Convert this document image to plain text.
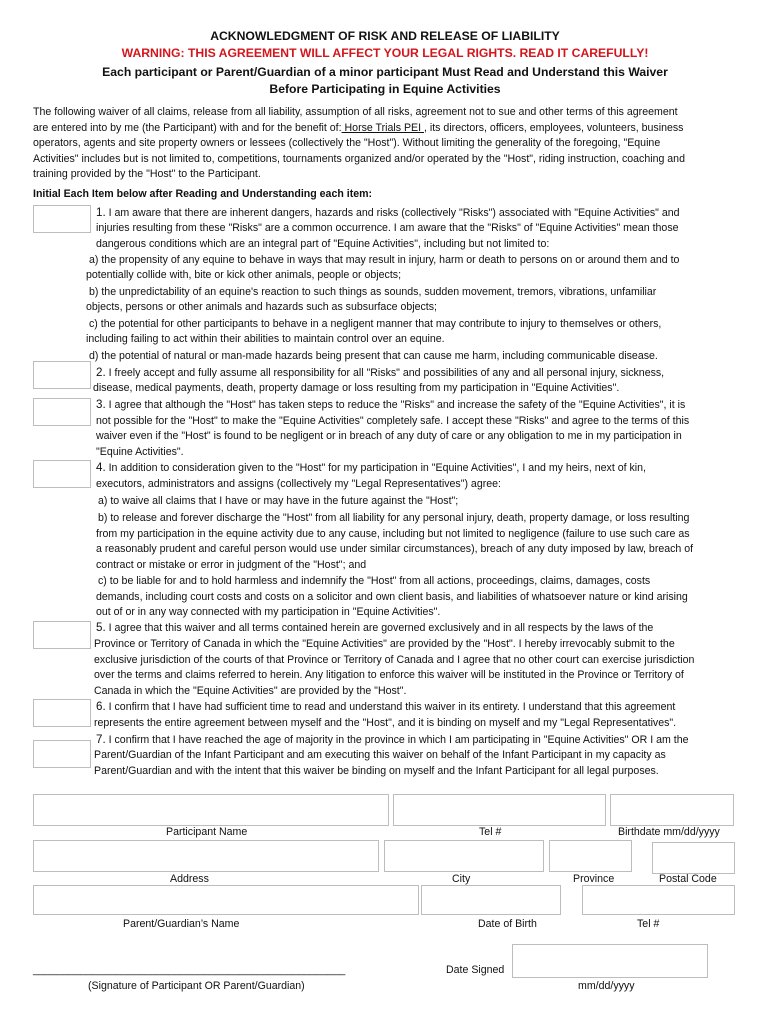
ACKNOWLEDGMENT OF RISK AND RELEASE OF LIABILITY
WARNING: THIS AGREEMENT WILL AFFECT YOUR LEGAL RIGHTS. READ IT CAREFULLY!
Each participant or Parent/Guardian of a minor participant Must Read and Understand this Waiver
Before Participating in Equine Activities
The following waiver of all claims, release from all liability, assumption of all risks, agreement not to sue and other terms of this agreement
are entered into by me (the Participant) with and for the benefit of: Horse Trials PEI , its directors, officers, employees, volunteers, business
operators, agents and site property owners or lessees (collectively the "Host"). Without limiting the generality of the foregoing, "Equine
Activities" includes but is not limited to, competitions, tournaments organized and/or operated by the "Host", riding instruction, coaching and
training provided by the "Host" to the Participant.
Initial Each Item below after Reading and Understanding each item:
1. I am aware that there are inherent dangers, hazards and risks (collectively "Risks") associated with "Equine Activities" and
injuries resulting from these "Risks" are a common occurrence. I am aware that the "Risks" of "Equine Activities" mean those
dangerous conditions which are an integral part of "Equine Activities", including but not limited to:
a) the propensity of any equine to behave in ways that may result in injury, harm or death to persons on or around them and to
potentially collide with, bite or kick other animals, people or objects;
b) the unpredictability of an equine's reaction to such things as sounds, sudden movement, tremors, vibrations, unfamiliar
objects, persons or other animals and hazards such as subsurface objects;
c) the potential for other participants to behave in a negligent manner that may contribute to injury to themselves or others,
including failing to act within their abilities to maintain control over an equine.
d) the potential of natural or man-made hazards being present that can cause me harm, including communicable disease.
2. I freely accept and fully assume all responsibility for all "Risks" and possibilities of any and all personal injury, sickness,
disease, medical payments, death, property damage or loss resulting from my participation in "Equine Activities".
3. I agree that although the "Host" has taken steps to reduce the "Risks" and increase the safety of the "Equine Activities", it is
not possible for the "Host" to make the "Equine Activities" completely safe. I accept these "Risks" and agree to the terms of this
waiver even if the "Host" is found to be negligent or in breach of any duty of care or any obligation to me in my participation in
"Equine Activities".
4. In addition to consideration given to the "Host" for my participation in "Equine Activities", I and my heirs, next of kin,
executors, administrators and assigns (collectively my "Legal Representatives") agree:
a) to waive all claims that I have or may have in the future against the "Host";
b) to release and forever discharge the "Host" from all liability for any personal injury, death, property damage, or loss resulting
from my participation in the equine activity due to any cause, including but not limited to negligence (failure to use such care as
a reasonably prudent and careful person would use under similar circumstances), breach of any duty imposed by law, breach of
contract or mistake or error in judgment of the "Host"; and
c) to be liable for and to hold harmless and indemnify the "Host" from all actions, proceedings, claims, damages, costs
demands, including court costs and costs on a solicitor and own client basis, and liabilities of whatsoever nature or kind arising
out of or in any way connected with my participation in "Equine Activities".
5. I agree that this waiver and all terms contained herein are governed exclusively and in all respects by the laws of the
Province or Territory of Canada in which the "Equine Activities" are provided by the "Host". I hereby irrevocably submit to the
exclusive jurisdiction of the courts of that Province or Territory of Canada and I agree that no other court can exercise jurisdiction
over the terms and claims referred to herein. Any litigation to enforce this waiver will be instituted in the Province or Territory of
Canada in which the "Equine Activities" are provided by the "Host".
6. I confirm that I have had sufficient time to read and understand this waiver in its entirety. I understand that this agreement
represents the entire agreement between myself and the "Host", and it is binding on myself and my "Legal Representatives".
7. I confirm that I have reached the age of majority in the province in which I am participating in "Equine Activities" OR I am the
Parent/Guardian of the Infant Participant and am executing this waiver on behalf of the Infant Participant in my capacity as
Parent/Guardian and with the intent that this waiver be binding on myself and the Infant Participant for all legal purposes.
Participant Name	Tel #	Birthdate mm/dd/yyyy
Address	City	Province	Postal Code
Parent/Guardian’s Name	Date of Birth	Tel #
_____________________________________________________
(Signature of Participant OR Parent/Guardian)
Date Signed
mm/dd/yyyy
